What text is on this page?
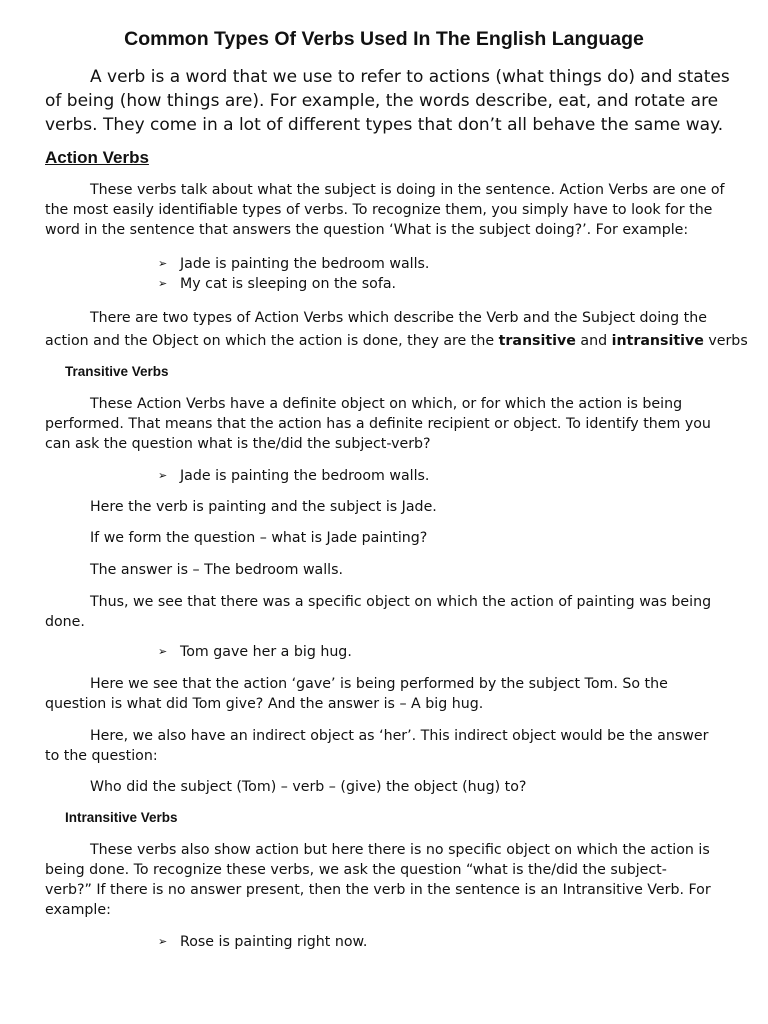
Common Types Of Verbs Used In The English Language

A verb is a word that we use to refer to actions (what things do) and states
of being (how things are). For example, the words describe, eat, and rotate are
verbs. They come in a lot of different types that don’t all behave the same way.

Action Verbs

These verbs talk about what the subject is doing in the sentence. Action Verbs are one of
the most easily identifiable types of verbs. To recognize them, you simply have to look for the
word in the sentence that answers the question ‘What is the subject doing?’. For example:

➢ Jade is painting the bedroom walls.
➢ My cat is sleeping on the sofa.

There are two types of Action Verbs which describe the Verb and the Subject doing the
action and the Object on which the action is done, they are the transitive and intransitive verbs

Transitive Verbs

These Action Verbs have a definite object on which, or for which the action is being
performed. That means that the action has a definite recipient or object. To identify them you
can ask the question what is the/did the subject-verb?

➢ Jade is painting the bedroom walls.

Here the verb is painting and the subject is Jade.

If we form the question – what is Jade painting?

The answer is – The bedroom walls.

Thus, we see that there was a specific object on which the action of painting was being
done.

➢ Tom gave her a big hug.

Here we see that the action ‘gave’ is being performed by the subject Tom. So the
question is what did Tom give? And the answer is – A big hug.

Here, we also have an indirect object as ‘her’. This indirect object would be the answer
to the question:

Who did the subject (Tom) – verb – (give) the object (hug) to?

Intransitive Verbs

These verbs also show action but here there is no specific object on which the action is
being done. To recognize these verbs, we ask the question “what is the/did the subject-
verb?” If there is no answer present, then the verb in the sentence is an Intransitive Verb. For
example:

➢ Rose is painting right now.
